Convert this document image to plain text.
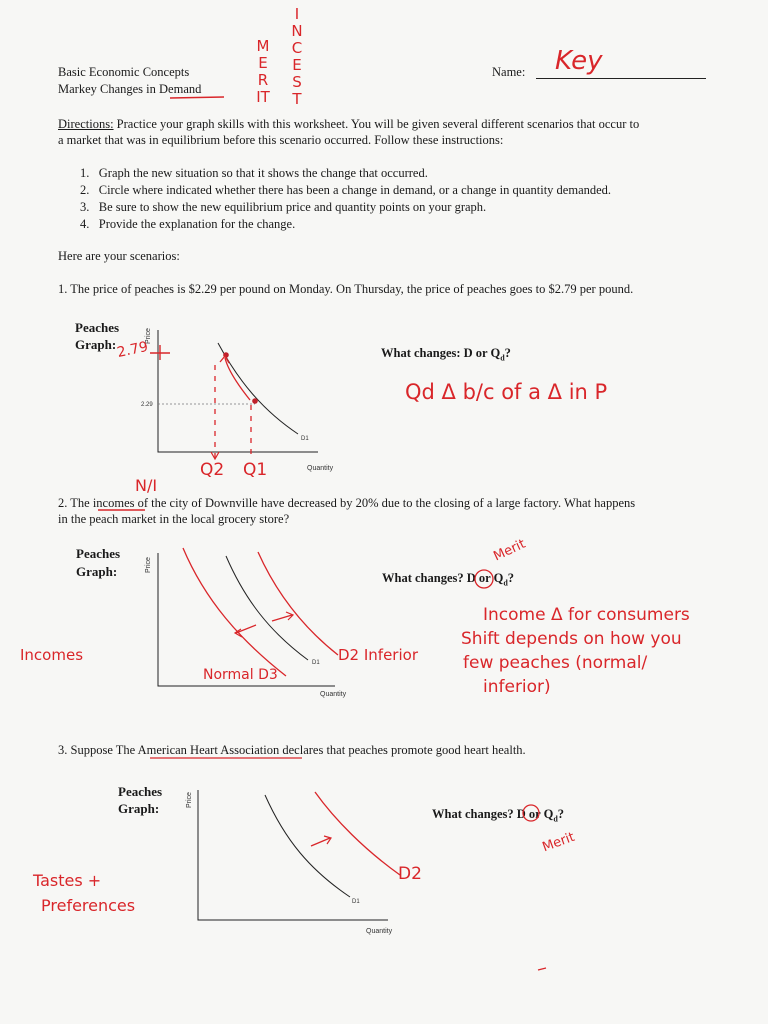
Basic Economic Concepts
Markey Changes in Demand
Name: Key
MERIT
INCEST
Directions: Practice your graph skills with this worksheet. You will be given several different scenarios that occur to
a market that was in equilibrium before this scenario occurred. Follow these instructions:
1.   Graph the new situation so that it shows the change that occurred.
2.   Circle where indicated whether there has been a change in demand, or a change in quantity demanded.
3.   Be sure to show the new equilibrium price and quantity points on your graph.
4.   Provide the explanation for the change.
Here are your scenarios:
1. The price of peaches is $2.29 per pound on Monday. On Thursday, the price of peaches goes to $2.79 per pound.
Peaches
Graph:
What changes: D or $Q_d$?
Price
2.29
D1
Quantity
2.79
Q2 Q1
Qd Δ b/c of a Δ in P
N/I
2. The incomes of the city of Downville have decreased by 20% due to the closing of a large factory. What happens
in the peach market in the local grocery store?
Peaches
Graph:	What changes? D or $Q_d$?
Price
D1
Quantity
Merit
Incomes	D2 Inferior
Normal D3
Income Δ for consumers
Shift depends on how you
few peaches (normal/
inferior)
3. Suppose The American Heart Association declares that peaches promote good heart health.
Peaches
Graph:	What changes? D or $Q_d$?
Price
D1
Quantity
Merit
D2
Tastes +
Preferences
